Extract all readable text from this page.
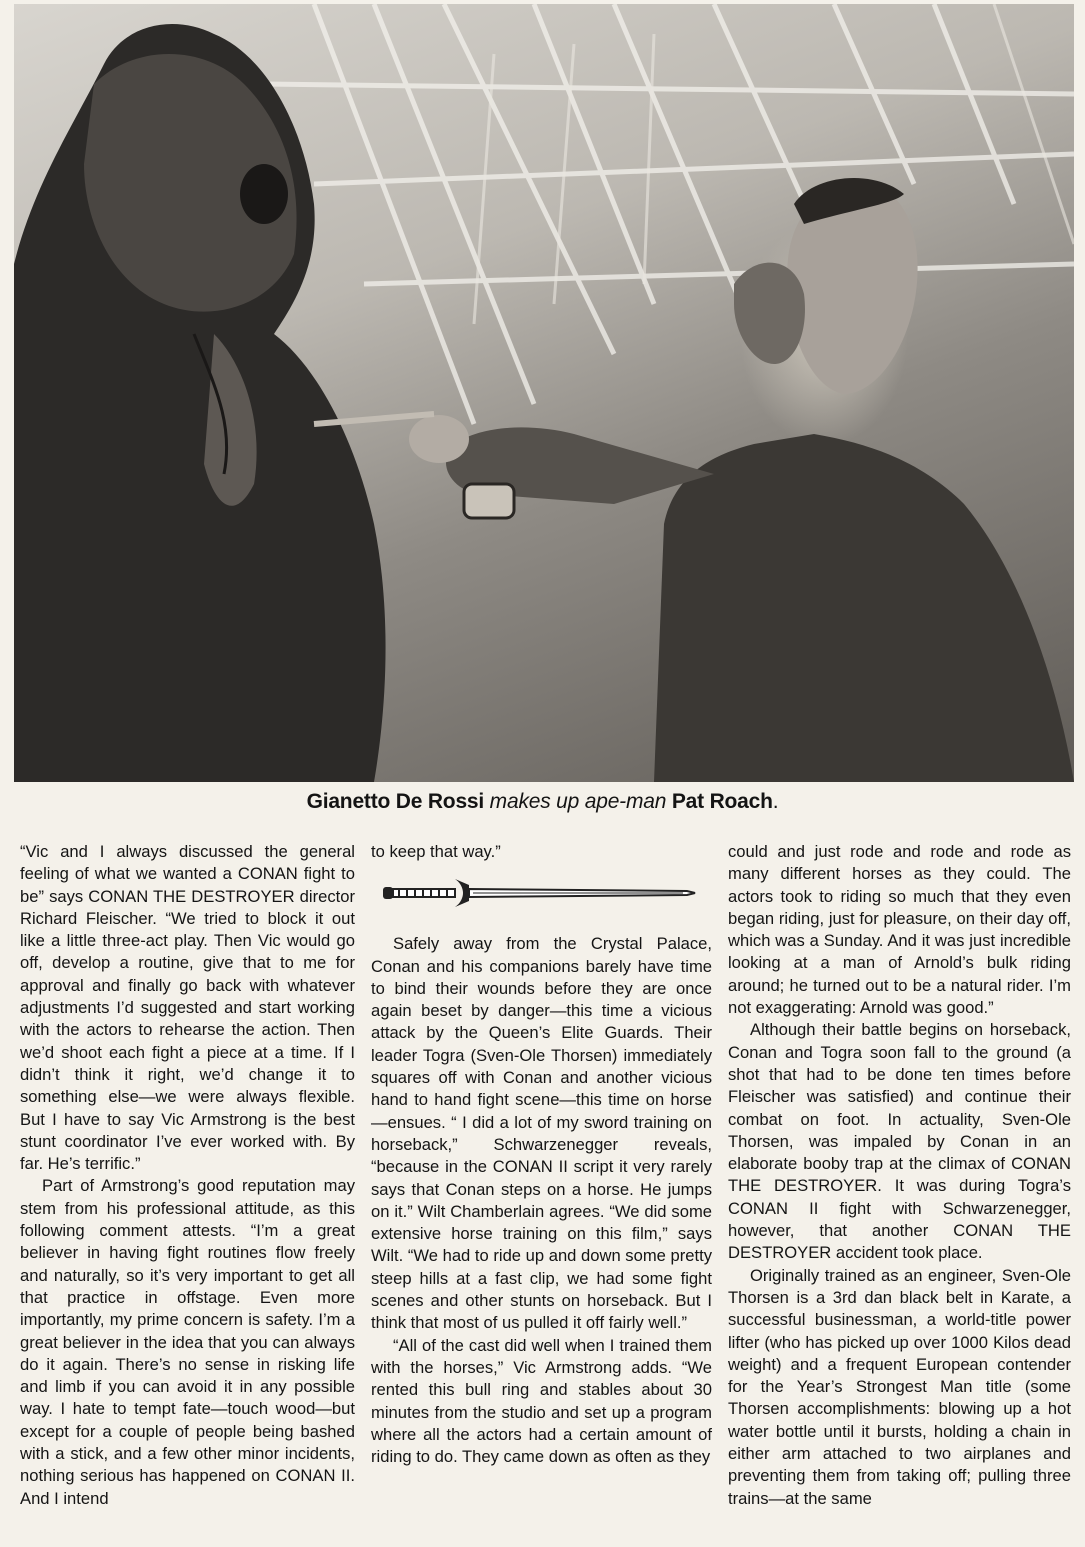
Gianetto De Rossi makes up ape-man Pat Roach.

“Vic and I always discussed the general feeling of what we wanted a CONAN fight to be” says CONAN THE DESTROYER director Richard Fleischer. “We tried to block it out like a little three-act play. Then Vic would go off, develop a routine, give that to me for approval and finally go back with whatever adjustments I’d suggested and start working with the actors to rehearse the action. Then we’d shoot each fight a piece at a time. If I didn’t think it right, we’d change it to something else—we were always flexible. But I have to say Vic Armstrong is the best stunt coordinator I’ve ever worked with. By far. He’s terrific.”

Part of Armstrong’s good reputation may stem from his professional attitude, as this following comment attests. “I’m a great believer in having fight routines flow freely and naturally, so it’s very important to get all that practice in offstage. Even more importantly, my prime concern is safety. I’m a great believer in the idea that you can always do it again. There’s no sense in risking life and limb if you can avoid it in any possible way. I hate to tempt fate—touch wood—but except for a couple of people being bashed with a stick, and a few other minor incidents, nothing serious has happened on CONAN II. And I intend

to keep that way.”

Safely away from the Crystal Palace, Conan and his companions barely have time to bind their wounds before they are once again beset by danger—this time a vicious attack by the Queen’s Elite Guards. Their leader Togra (Sven-Ole Thorsen) immediately squares off with Conan and another vicious hand to hand fight scene—this time on horse—ensues. “ I did a lot of my sword training on horseback,” Schwarzenegger reveals, “because in the CONAN II script it very rarely says that Conan steps on a horse. He jumps on it.” Wilt Chamberlain agrees. “We did some extensive horse training on this film,” says Wilt. “We had to ride up and down some pretty steep hills at a fast clip, we had some fight scenes and other stunts on horseback. But I think that most of us pulled it off fairly well.”

“All of the cast did well when I trained them with the horses,” Vic Armstrong adds. “We rented this bull ring and stables about 30 minutes from the studio and set up a program where all the actors had a certain amount of riding to do. They came down as often as they

could and just rode and rode and rode as many different horses as they could. The actors took to riding so much that they even began riding, just for pleasure, on their day off, which was a Sunday. And it was just incredible looking at a man of Arnold’s bulk riding around; he turned out to be a natural rider. I’m not exaggerating: Arnold was good.”

Although their battle begins on horseback, Conan and Togra soon fall to the ground (a shot that had to be done ten times before Fleischer was satisfied) and continue their combat on foot. In actuality, Sven-Ole Thorsen, was impaled by Conan in an elaborate booby trap at the climax of CONAN THE DESTROYER. It was during Togra’s CONAN II fight with Schwarzenegger, however, that another CONAN THE DESTROYER accident took place.

Originally trained as an engineer, Sven-Ole Thorsen is a 3rd dan black belt in Karate, a successful businessman, a world-title power lifter (who has picked up over 1000 Kilos dead weight) and a frequent European contender for the Year’s Strongest Man title (some Thorsen accomplishments: blowing up a hot water bottle until it bursts, holding a chain in either arm attached to two airplanes and preventing them from taking off; pulling three trains—at the same
